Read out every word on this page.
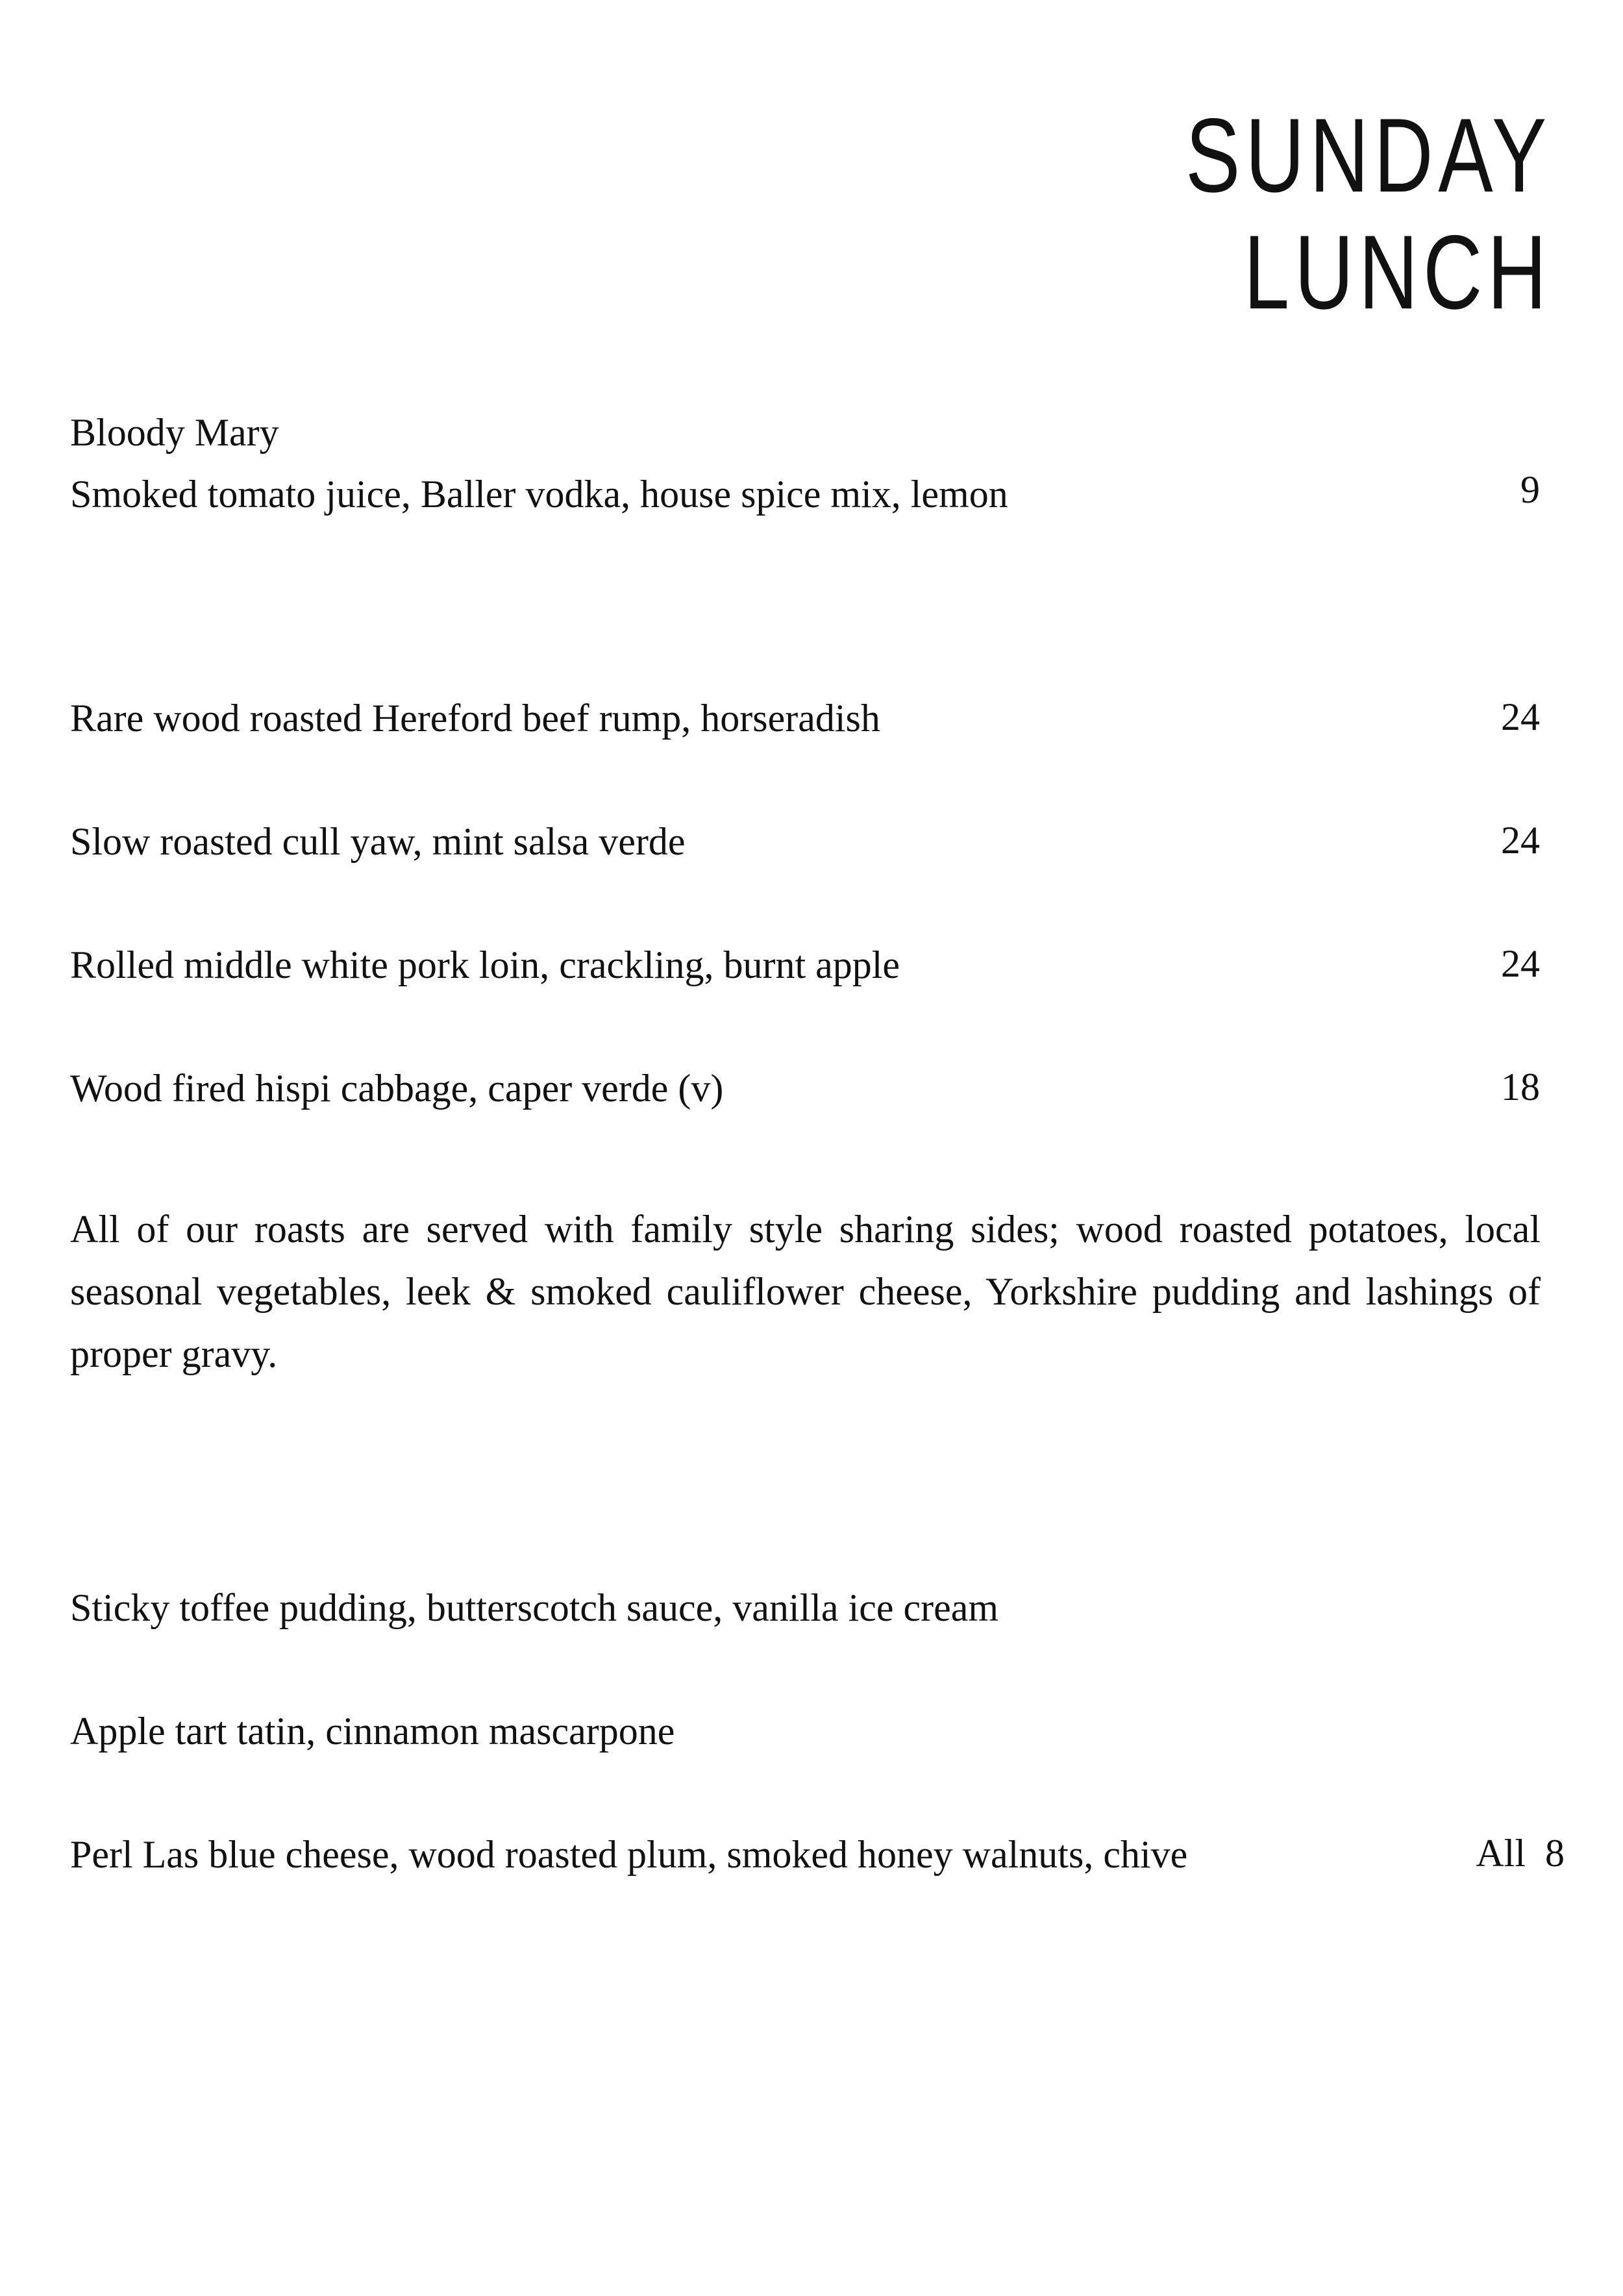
SUNDAY
LUNCH
Bloody Mary
Smoked tomato juice, Baller vodka, house spice mix, lemon	9
Rare wood roasted Hereford beef rump, horseradish	24
Slow roasted cull yaw, mint salsa verde	24
Rolled middle white pork loin, crackling, burnt apple	24
Wood fired hispi cabbage, caper verde (v)	18
All of our roasts are served with family style sharing sides; wood roasted potatoes, local seasonal vegetables, leek & smoked cauliflower cheese, Yorkshire pudding and lashings of proper gravy.
Sticky toffee pudding, butterscotch sauce, vanilla ice cream
Apple tart tatin, cinnamon mascarpone
Perl Las blue cheese, wood roasted plum, smoked honey walnuts, chive	All 8
